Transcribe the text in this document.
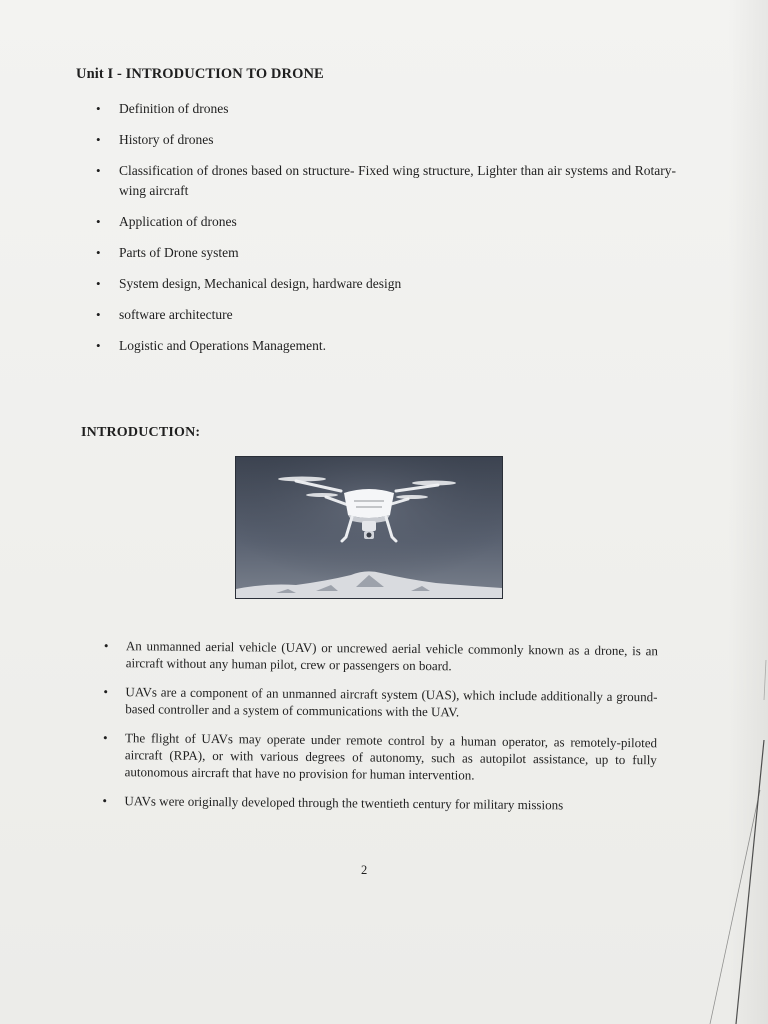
Unit I - INTRODUCTION TO DRONE
• Definition of drones
• History of drones
• Classification of drones based on structure- Fixed wing structure, Lighter than air systems and Rotary-wing aircraft
• Application of drones
• Parts of Drone system
• System design, Mechanical design, hardware design
• software architecture
• Logistic and Operations Management.
INTRODUCTION:
• An unmanned aerial vehicle (UAV) or uncrewed aerial vehicle commonly known as a drone, is an aircraft without any human pilot, crew or passengers on board.
• UAVs are a component of an unmanned aircraft system (UAS), which include additionally a ground-based controller and a system of communications with the UAV.
• The flight of UAVs may operate under remote control by a human operator, as remotely-piloted aircraft (RPA), or with various degrees of autonomy, such as autopilot assistance, up to fully autonomous aircraft that have no provision for human intervention.
• UAVs were originally developed through the twentieth century for military missions
2
